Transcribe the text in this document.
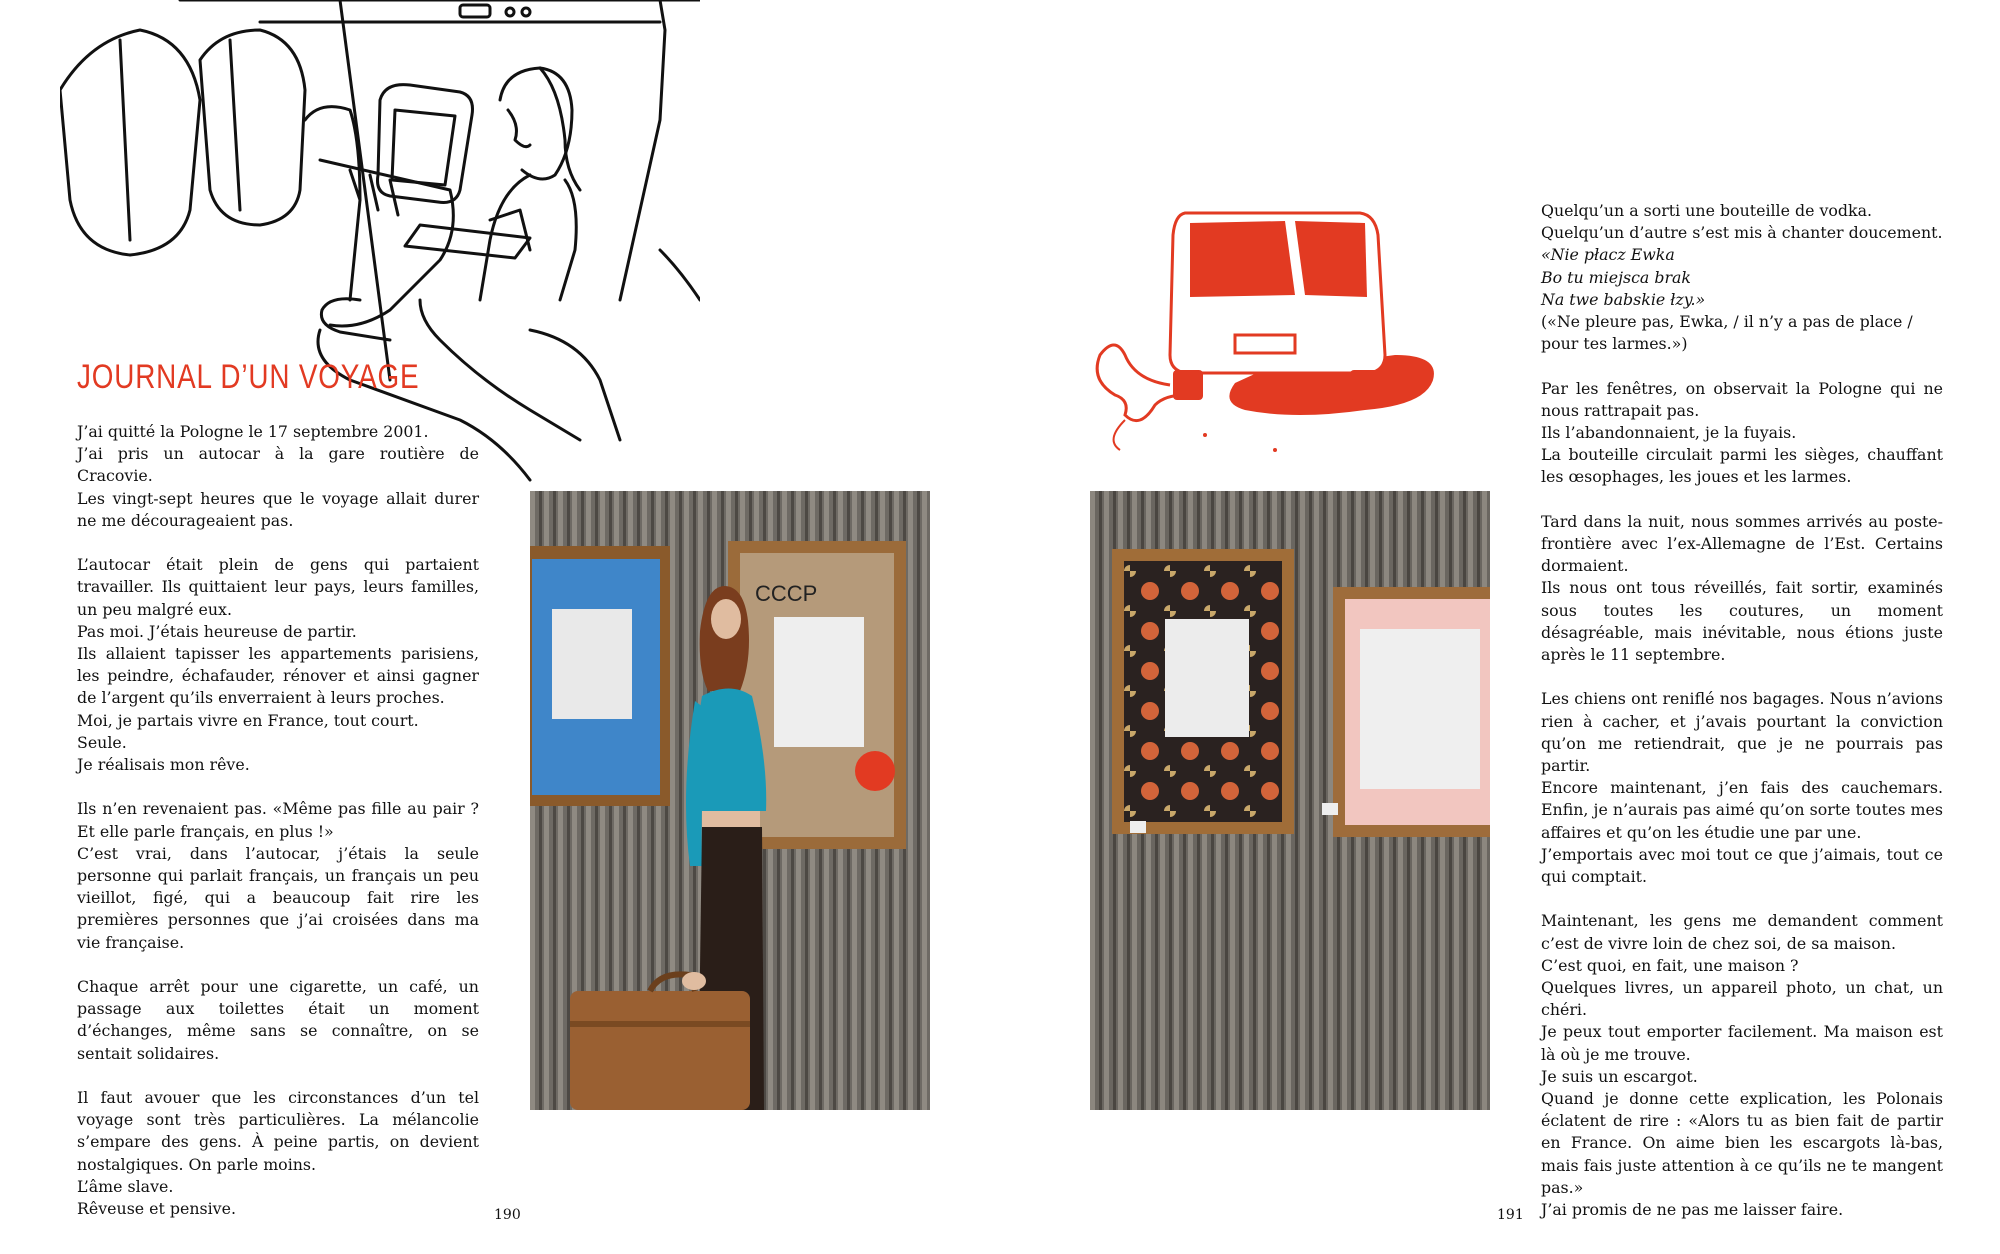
JOURNAL D’UN VOYAGE

J’ai quitté la Pologne le 17 septembre 2001.
J’ai pris un autocar à la gare routière de Cracovie.
Les vingt-sept heures que le voyage allait durer ne me décourageaient pas.

L’autocar était plein de gens qui partaient travailler. Ils quittaient leur pays, leurs familles, un peu malgré eux.
Pas moi. J’étais heureuse de partir.
Ils allaient tapisser les appartements parisiens, les peindre, échafauder, rénover et ainsi gagner de l’argent qu’ils enverraient à leurs proches.
Moi, je partais vivre en France, tout court.
Seule.
Je réalisais mon rêve.

Ils n’en revenaient pas. «Même pas fille au pair ? Et elle parle français, en plus !»
C’est vrai, dans l’autocar, j’étais la seule personne qui parlait français, un français un peu vieillot, figé, qui a beaucoup fait rire les premières personnes que j’ai croisées dans ma vie française.

Chaque arrêt pour une cigarette, un café, un passage aux toilettes était un moment d’échanges, même sans se connaître, on se sentait solidaires.

Il faut avouer que les circonstances d’un tel voyage sont très particulières. La mélancolie s’empare des gens. À peine partis, on devient nostalgiques. On parle moins.
L’âme slave.
Rêveuse et pensive.

CCCP
190

Quelqu’un a sorti une bouteille de vodka.
Quelqu’un d’autre s’est mis à chanter doucement.
«Nie płacz Ewka
Bo tu miejsca brak
Na twe babskie łzy.»
(«Ne pleure pas, Ewka, / il n’y a pas de place / pour tes larmes.»)

Par les fenêtres, on observait la Pologne qui ne nous rattrapait pas.
Ils l’abandonnaient, je la fuyais.
La bouteille circulait parmi les sièges, chauffant les œsophages, les joues et les larmes.

Tard dans la nuit, nous sommes arrivés au poste-frontière avec l’ex-Allemagne de l’Est. Certains dormaient.
Ils nous ont tous réveillés, fait sortir, examinés sous toutes les coutures, un moment désagréable, mais inévitable, nous étions juste après le 11 septembre.

Les chiens ont reniflé nos bagages. Nous n’avions rien à cacher, et j’avais pourtant la conviction qu’on me retiendrait, que je ne pourrais pas partir.
Encore maintenant, j’en fais des cauchemars. Enfin, je n’aurais pas aimé qu’on sorte toutes mes affaires et qu’on les étudie une par une.
J’emportais avec moi tout ce que j’aimais, tout ce qui comptait.

Maintenant, les gens me demandent comment c’est de vivre loin de chez soi, de sa maison.
C’est quoi, en fait, une maison ?
Quelques livres, un appareil photo, un chat, un chéri.
Je peux tout emporter facilement. Ma maison est là où je me trouve.
Je suis un escargot.
Quand je donne cette explication, les Polonais éclatent de rire : «Alors tu as bien fait de partir en France. On aime bien les escargots là-bas, mais fais juste attention à ce qu’ils ne te mangent pas.»
J’ai promis de ne pas me laisser faire.

191
